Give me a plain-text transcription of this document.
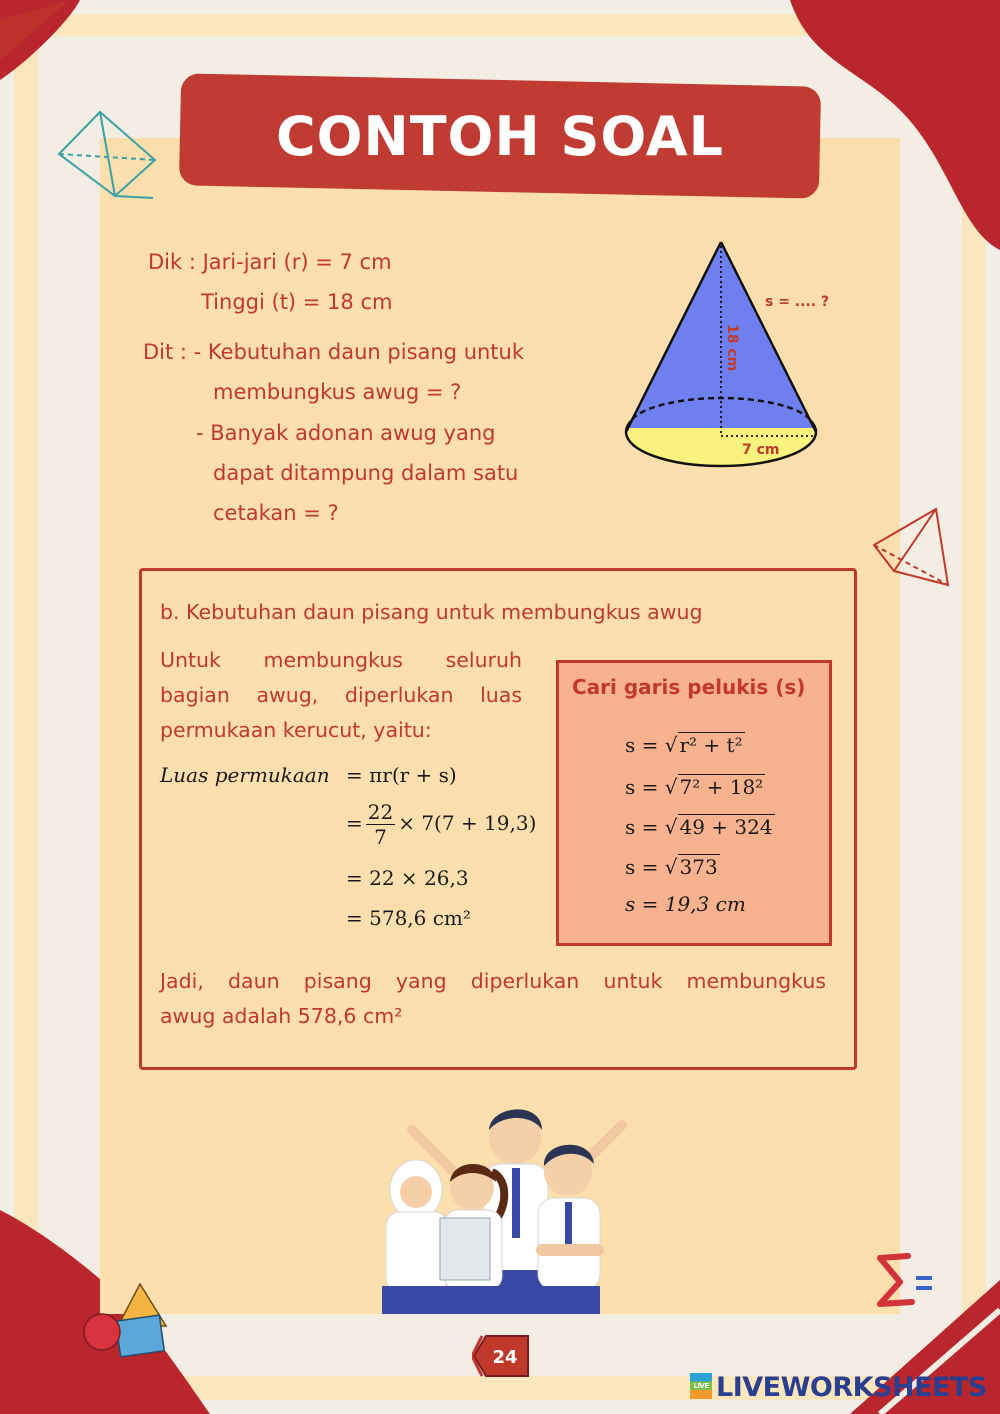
CONTOH SOAL
Dik : Jari-jari (r) = 7 cm
Tinggi (t) = 18 cm
Dit : - Kebutuhan daun pisang untuk
membungkus awug = ?
- Banyak adonan awug yang
dapat ditampung dalam satu
cetakan = ?
s = .... ?
18 cm
7 cm
b. Kebutuhan daun pisang untuk membungkus awug
Untuk membungkus seluruh
bagian awug, diperlukan luas
permukaan kerucut, yaitu:
Luas permukaan = πr(r + s)
= $\frac{22}{7} \times 7(7 + 19,3)$
= 22 × 26,3
= 578,6 cm²
Cari garis pelukis (s)
s = √ r² + t²
s = √ 7² + 18²
s = √ 49 + 324
s = √ 373
s = 19,3 cm
Jadi, daun pisang yang diperlukan untuk membungkus
awug adalah 578,6 cm²
24
LIVE LIVEWORKSHEETS
